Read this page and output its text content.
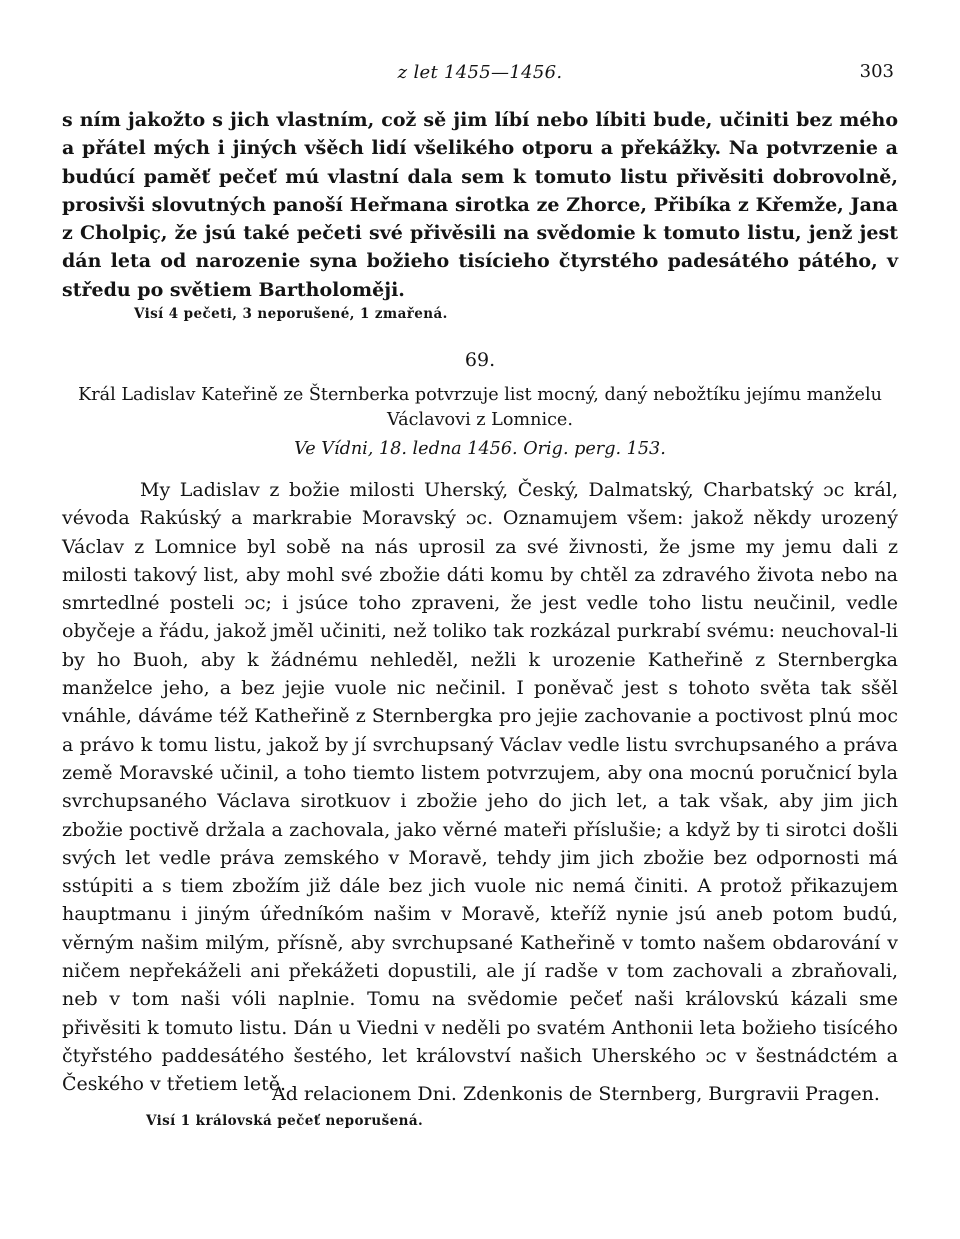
z let 1455—1456.	303
s ním jakožto s jich vlastním, což sě jim líbí nebo líbiti bude, učiniti bez mého a přátel mých i jiných všěch lidí všelikého otporu a překážky. Na potvrzenie a budúcí paměť pečeť mú vlastní dala sem k tomuto listu přivěsiti dobrovolně, prosivši slovutných panoší Heřmana sirotka ze Zhorce, Přibíka z Křemže, Jana z Cholpiç, že jsú také pečeti své přivěsili na svědomie k tomuto listu, jenž jest dán leta od narozenie syna božieho tisícieho čtyrstého padesátého pátého, v středu po světiem Bartholoměji.
Visí 4 pečeti, 3 neporušené, 1 zmařená.
69.
Král Ladislav Kateřině ze Šternberka potvrzuje list mocný, daný nebožtíku jejímu manželu Václavovi z Lomnice.
Ve Vídni, 18. ledna 1456. Orig. perg. 153.

My Ladislav z božie milosti Uherský, Český, Dalmatský, Charbatský ɔc král, vévoda Rakúský a markrabie Moravský ɔc. Oznamujem všem: jakož někdy urozený Václav z Lomnice byl sobě na nás uprosil za své živnosti, že jsme my jemu dali z milosti takový list, aby mohl své zbožie dáti komu by chtěl za zdravého života nebo na smrtedlné posteli ɔc; i jsúce toho zpraveni, že jest vedle toho listu neučinil, vedle obyčeje a řádu, jakož jměl učiniti, než toliko tak rozkázal purkrabí svému: neuchoval-li by ho Buoh, aby k žádnému nehleděl, nežli k urozenie Katheřině z Sternbergka manželce jeho, a bez jejie vuole nic nečinil. I poněvač jest s tohoto světa tak sšěl vnáhle, dáváme též Katheřině z Sternbergka pro jejie zachovanie a poctivost plnú moc a právo k tomu listu, jakož by jí svrchupsaný Václav vedle listu svrchupsaného a práva země Moravské učinil, a toho tiemto listem potvrzujem, aby ona mocnú poručnicí byla svrchupsaného Václava sirotkuov i zbožie jeho do jich let, a tak však, aby jim jich zbožie poctivě držala a zachovala, jako věrné mateři příslušie; a když by ti sirotci došli svých let vedle práva zemského v Moravě, tehdy jim jich zbožie bez odpornosti má sstúpiti a s tiem zbožím již dále bez jich vuole nic nemá činiti. A protož přikazujem hauptmanu i jiným úředníkóm našim v Moravě, kteříž nynie jsú aneb potom budú, věrným našim milým, přísně, aby svrchupsané Katheřině v tomto našem obdarování v ničem nepřekáželi ani překážeti dopustili, ale jí radše v tom zachovali a zbraňovali, neb v tom naši vóli naplnie. Tomu na svědomie pečeť naši královskú kázali sme přivěsiti k tomuto listu. Dán u Viedni v neděli po svatém Anthonii leta božieho tisícého čtyřstého paddesátého šestého, let království našich Uherského ɔc v šestnádctém a Českého v třetiem letě.

Ad relacionem Dni. Zdenkonis de Sternberg, Burgravii Pragen.
Visí 1 královská pečeť neporušená.
